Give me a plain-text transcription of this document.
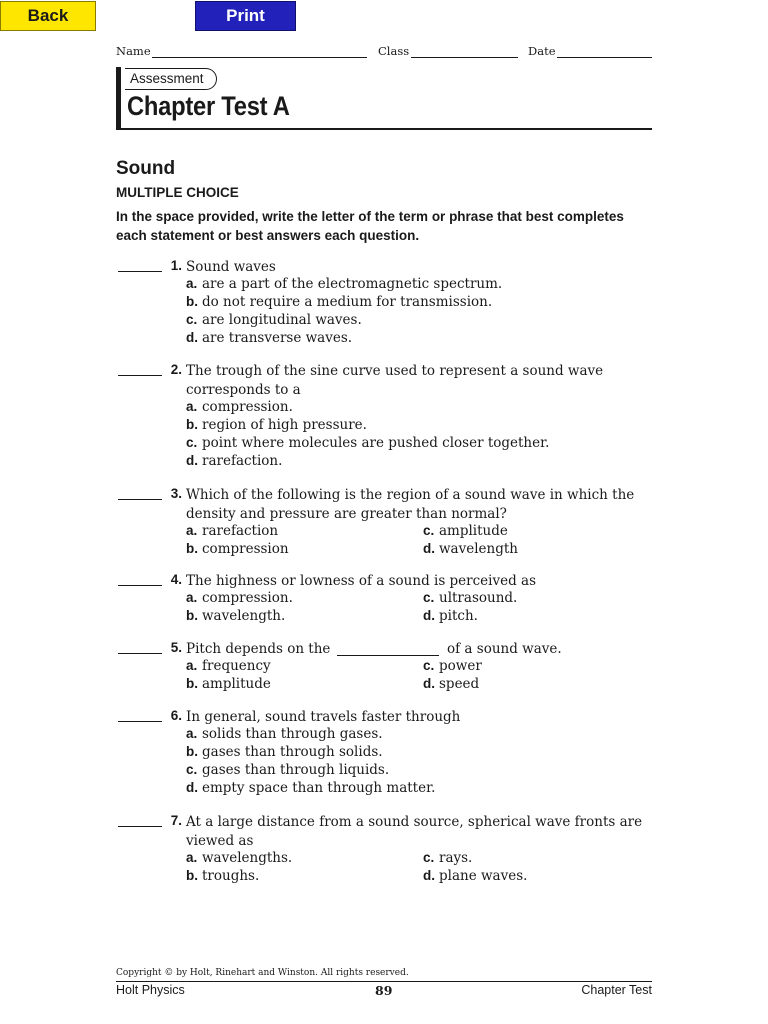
Back	Print
Name	Class	Date
Assessment
Chapter Test A
Sound
MULTIPLE CHOICE
In the space provided, write the letter of the term or phrase that best completes each statement or best answers each question.
1. Sound waves
a. are a part of the electromagnetic spectrum.
b. do not require a medium for transmission.
c. are longitudinal waves.
d. are transverse waves.
2. The trough of the sine curve used to represent a sound wave corresponds to a
a. compression.
b. region of high pressure.
c. point where molecules are pushed closer together.
d. rarefaction.
3. Which of the following is the region of a sound wave in which the density and pressure are greater than normal?
a. rarefaction
b. compression
c. amplitude
d. wavelength
4. The highness or lowness of a sound is perceived as
a. compression.
b. wavelength.
c. ultrasound.
d. pitch.
5. Pitch depends on the	of a sound wave.
a. frequency
b. amplitude
c. power
d. speed
6. In general, sound travels faster through
a. solids than through gases.
b. gases than through solids.
c. gases than through liquids.
d. empty space than through matter.
7. At a large distance from a sound source, spherical wave fronts are viewed as
a. wavelengths.
b. troughs.
c. rays.
d. plane waves.
Copyright © by Holt, Rinehart and Winston. All rights reserved.
Holt Physics	89	Chapter Test
